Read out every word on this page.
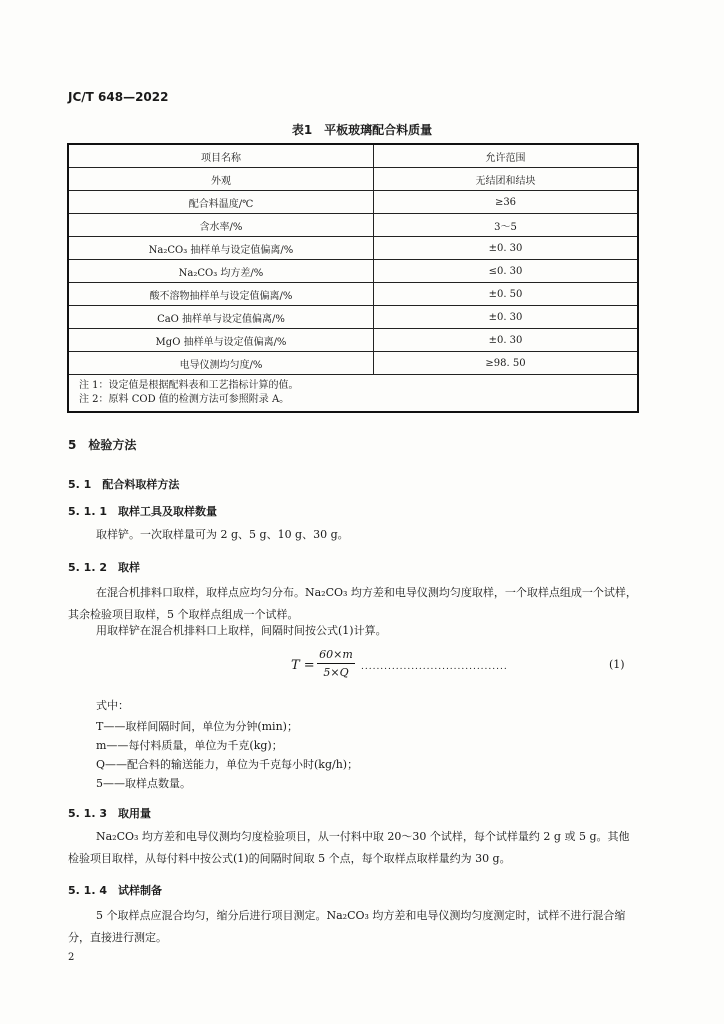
JC/T 648—2022
表1　平板玻璃配合料质量
项目名称	允许范围
外观	无结团和结块
配合料温度/℃	≥36
含水率/%	3～5
Na₂CO₃ 抽样单与设定值偏离/%	±0. 30
Na₂CO₃ 均方差/%	≤0. 30
酸不溶物抽样单与设定值偏离/%	±0. 50
CaO 抽样单与设定值偏离/%	±0. 30
MgO 抽样单与设定值偏离/%	±0. 30
电导仪测均匀度/%	≥98. 50

注 1：设定值是根据配料表和工艺指标计算的值。
注 2：原料 COD 值的检测方法可参照附录 A。	
5　检验方法
5. 1　配合料取样方法
5. 1. 1　取样工具及取样数量
取样铲。一次取样量可为 2 g、5 g、10 g、30 g。
5. 1. 2　取样
在混合机排料口取样，取样点应均匀分布。Na₂CO₃ 均方差和电导仪测均匀度取样，一个取样点组成一个试样，其余检验项目取样，5 个取样点组成一个试样。
用取样铲在混合机排料口上取样，间隔时间按公式(1)计算。
T =
60×m
5×Q	......................................	(1)
式中：
T——取样间隔时间，单位为分钟(min)；
m——每付料质量，单位为千克(kg)；
Q——配合料的输送能力，单位为千克每小时(kg/h)；
5——取样点数量。
5. 1. 3　取用量
Na₂CO₃ 均方差和电导仪测均匀度检验项目，从一付料中取 20～30 个试样，每个试样量约 2 g 或 5 g。其他检验项目取样，从每付料中按公式(1)的间隔时间取 5 个点，每个取样点取样量约为 30 g。
5. 1. 4　试样制备
5 个取样点应混合均匀，缩分后进行项目测定。Na₂CO₃ 均方差和电导仪测均匀度测定时，试样不进行混合缩分，直接进行测定。
2
